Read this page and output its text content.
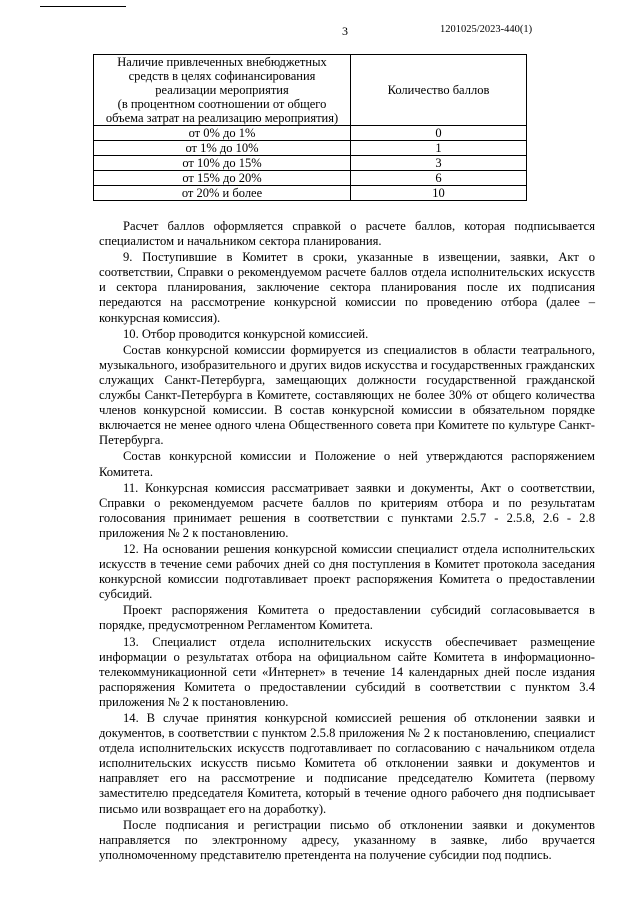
3	1201025/2023-440(1)
Наличие привлеченных внебюджетных
средств в целях софинансирования
реализации мероприятия
(в процентном соотношении от общего
объема затрат на реализацию мероприятия)	Количество баллов
от 0% до 1%	0
от 1% до 10%	1
от 10% до 15%	3
от 15% до 20%	6
от 20% и более	10

Расчет баллов оформляется справкой о расчете баллов, которая подписывается специалистом и начальником сектора планирования.

9. Поступившие в Комитет в сроки, указанные в извещении, заявки, Акт о соответствии, Справки о рекомендуемом расчете баллов отдела исполнительских искусств и сектора планирования, заключение сектора планирования после их подписания передаются на рассмотрение конкурсной комиссии по проведению отбора (далее – конкурсная комиссия).

10. Отбор проводится конкурсной комиссией.

Состав конкурсной комиссии формируется из специалистов в области театрального, музыкального, изобразительного и других видов искусства и государственных гражданских служащих Санкт-Петербурга, замещающих должности государственной гражданской службы Санкт-Петербурга в Комитете, составляющих не более 30% от общего количества членов конкурсной комиссии. В состав конкурсной комиссии в обязательном порядке включается не менее одного члена Общественного совета при Комитете по культуре Санкт-Петербурга.

Состав конкурсной комиссии и Положение о ней утверждаются распоряжением Комитета.

11. Конкурсная комиссия рассматривает заявки и документы, Акт о соответствии, Справки о рекомендуемом расчете баллов по критериям отбора и по результатам голосования принимает решения в соответствии с пунктами 2.5.7 - 2.5.8, 2.6 - 2.8 приложения № 2 к постановлению.

12. На основании решения конкурсной комиссии специалист отдела исполнительских искусств в течение семи рабочих дней со дня поступления в Комитет протокола заседания конкурсной комиссии подготавливает проект распоряжения Комитета о предоставлении субсидий.

Проект распоряжения Комитета о предоставлении субсидий согласовывается в порядке, предусмотренном Регламентом Комитета.

13. Специалист отдела исполнительских искусств обеспечивает размещение информации о результатах отбора на официальном сайте Комитета в информационно-телекоммуникационной сети «Интернет» в течение 14 календарных дней после издания распоряжения Комитета о предоставлении субсидий в соответствии с пунктом 3.4 приложения № 2 к постановлению.

14. В случае принятия конкурсной комиссией решения об отклонении заявки и документов, в соответствии с пунктом 2.5.8 приложения № 2 к постановлению, специалист отдела исполнительских искусств подготавливает по согласованию с начальником отдела исполнительских искусств письмо Комитета об отклонении заявки и документов и направляет его на рассмотрение и подписание председателю Комитета (первому заместителю председателя Комитета, который в течение одного рабочего дня подписывает письмо или возвращает его на доработку).

После подписания и регистрации письмо об отклонении заявки и документов направляется по электронному адресу, указанному в заявке, либо вручается уполномоченному представителю претендента на получение субсидии под подпись.
